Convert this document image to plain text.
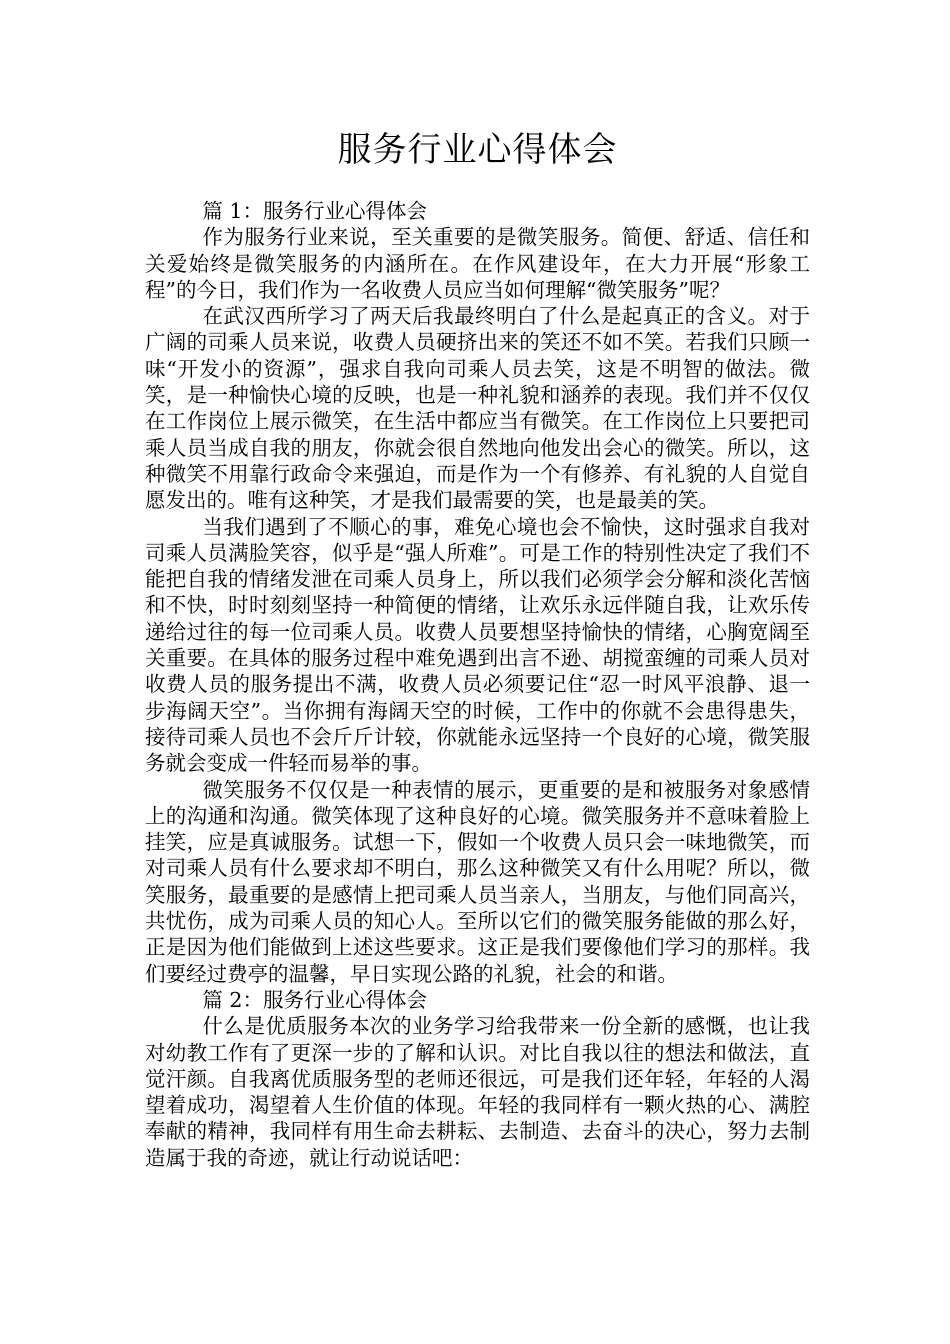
服务行业心得体会

篇 1：服务行业心得体会

作为服务行业来说，至关重要的是微笑服务。简便、舒适、信任和关爱始终是微笑服务的内涵所在。在作风建设年，在大力开展“形象工程”的今日，我们作为一名收费人员应当如何理解“微笑服务”呢？

在武汉西所学习了两天后我最终明白了什么是起真正的含义。对于广阔的司乘人员来说，收费人员硬挤出来的笑还不如不笑。若我们只顾一味“开发小的资源”，强求自我向司乘人员去笑，这是不明智的做法。微笑，是一种愉快心境的反映，也是一种礼貌和涵养的表现。我们并不仅仅在工作岗位上展示微笑，在生活中都应当有微笑。在工作岗位上只要把司乘人员当成自我的朋友，你就会很自然地向他发出会心的微笑。所以，这种微笑不用靠行政命令来强迫，而是作为一个有修养、有礼貌的人自觉自愿发出的。唯有这种笑，才是我们最需要的笑，也是最美的笑。

当我们遇到了不顺心的事，难免心境也会不愉快，这时强求自我对司乘人员满脸笑容，似乎是“强人所难”。可是工作的特别性决定了我们不能把自我的情绪发泄在司乘人员身上，所以我们必须学会分解和淡化苦恼和不快，时时刻刻坚持一种简便的情绪，让欢乐永远伴随自我，让欢乐传递给过往的每一位司乘人员。收费人员要想坚持愉快的情绪，心胸宽阔至关重要。在具体的服务过程中难免遇到出言不逊、胡搅蛮缠的司乘人员对收费人员的服务提出不满，收费人员必须要记住“忍一时风平浪静、退一步海阔天空”。当你拥有海阔天空的时候，工作中的你就不会患得患失，接待司乘人员也不会斤斤计较，你就能永远坚持一个良好的心境，微笑服务就会变成一件轻而易举的事。

微笑服务不仅仅是一种表情的展示，更重要的是和被服务对象感情上的沟通和沟通。微笑体现了这种良好的心境。微笑服务并不意味着脸上挂笑，应是真诚服务。试想一下，假如一个收费人员只会一味地微笑，而对司乘人员有什么要求却不明白，那么这种微笑又有什么用呢？所以，微笑服务，最重要的是感情上把司乘人员当亲人，当朋友，与他们同高兴，共忧伤，成为司乘人员的知心人。至所以它们的微笑服务能做的那么好，正是因为他们能做到上述这些要求。这正是我们要像他们学习的那样。我们要经过费亭的温馨，早日实现公路的礼貌，社会的和谐。

篇 2：服务行业心得体会

什么是优质服务本次的业务学习给我带来一份全新的感慨，也让我对幼教工作有了更深一步的了解和认识。对比自我以往的想法和做法，直觉汗颜。自我离优质服务型的老师还很远，可是我们还年轻，年轻的人渴望着成功，渴望着人生价值的体现。年轻的我同样有一颗火热的心、满腔奉献的精神，我同样有用生命去耕耘、去制造、去奋斗的决心，努力去制造属于我的奇迹，就让行动说话吧：
